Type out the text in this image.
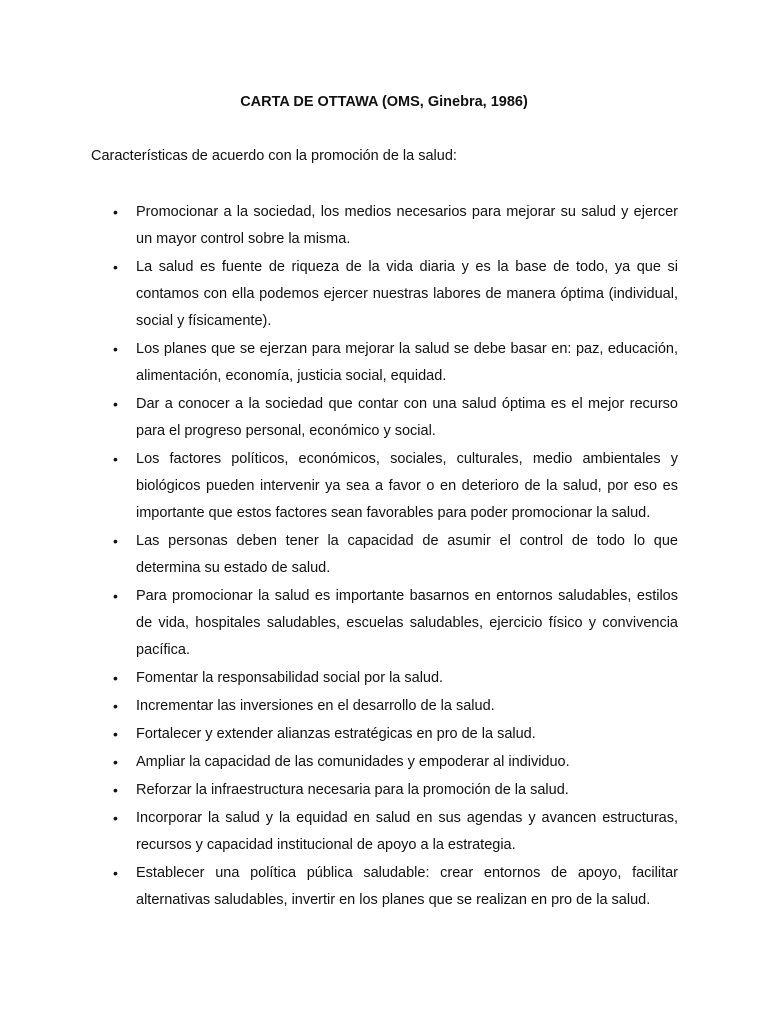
CARTA DE OTTAWA (OMS, Ginebra, 1986)

Características de acuerdo con la promoción de la salud:

• Promocionar a la sociedad, los medios necesarios para mejorar su salud y ejercer un mayor control sobre la misma.
• La salud es fuente de riqueza de la vida diaria y es la base de todo, ya que si contamos con ella podemos ejercer nuestras labores de manera óptima (individual, social y físicamente).
• Los planes que se ejerzan para mejorar la salud se debe basar en: paz, educación, alimentación, economía, justicia social, equidad.
• Dar a conocer a la sociedad que contar con una salud óptima es el mejor recurso para el progreso personal, económico y social.
• Los factores políticos, económicos, sociales, culturales, medio ambientales y biológicos pueden intervenir ya sea a favor o en deterioro de la salud, por eso es importante que estos factores sean favorables para poder promocionar la salud.
• Las personas deben tener la capacidad de asumir el control de todo lo que determina su estado de salud.
• Para promocionar la salud es importante basarnos en entornos saludables, estilos de vida, hospitales saludables, escuelas saludables, ejercicio físico y convivencia pacífica.
• Fomentar la responsabilidad social por la salud.
• Incrementar las inversiones en el desarrollo de la salud.
• Fortalecer y extender alianzas estratégicas en pro de la salud.
• Ampliar la capacidad de las comunidades y empoderar al individuo.
• Reforzar la infraestructura necesaria para la promoción de la salud.
• Incorporar la salud y la equidad en salud en sus agendas y avancen estructuras, recursos y capacidad institucional de apoyo a la estrategia.
• Establecer una política pública saludable: crear entornos de apoyo, facilitar alternativas saludables, invertir en los planes que se realizan en pro de la salud.
